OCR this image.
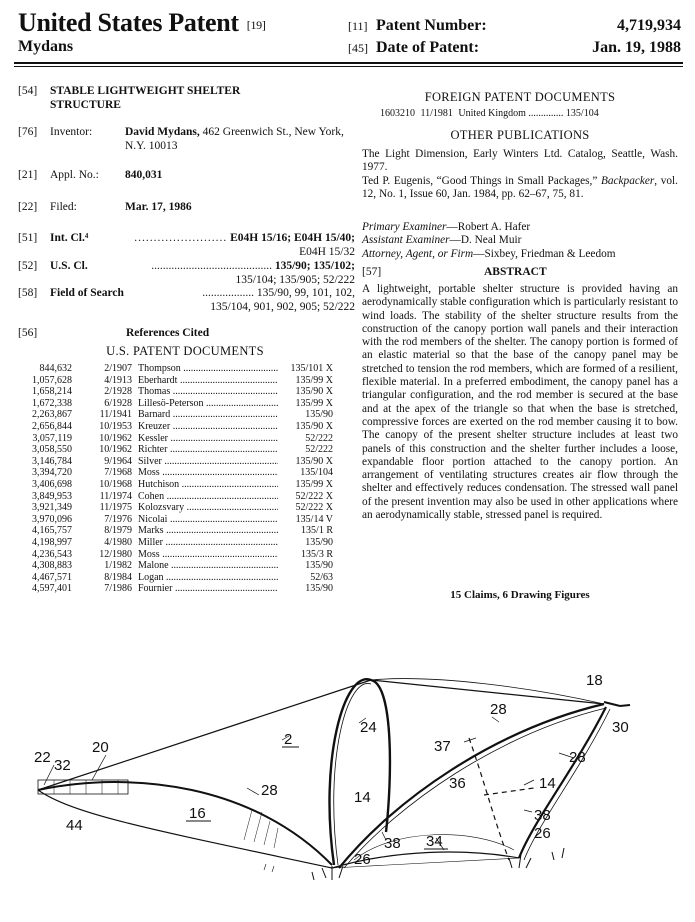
United States Patent [19]
Mydans
[11] Patent Number:	4,719,934
[45] Date of Patent:	Jan. 19, 1988
[54]	STABLE LIGHTWEIGHT SHELTER STRUCTURE
[76]	Inventor:	David Mydans, 462 Greenwich St., New York, N.Y. 10013
[21]	Appl. No.:	840,031
[22]	Filed:	Mar. 17, 1986
[51]	Int. Cl.⁴	........................ E04H 15/16; E04H 15/40;
E04H 15/32
[52]	U.S. Cl.	.......................................... 135/90; 135/102;
135/104; 135/905; 52/222
[58]	Field of Search	.................. 135/90, 99, 101, 102,
135/104, 901, 902, 905; 52/222
[56]	References Cited
U.S. PATENT DOCUMENTS
844,632	2/1907 Thompson .....	135/101 X
1,057,628	4/1913 Eberhardt .....	135/99 X
1,658,214	2/1928 Thomas .....	135/90 X
1,672,338	6/1928 Lillesö-Peterson .....	135/99 X
2,263,867	11/1941 Barnard .....	135/90
2,656,844	10/1953 Kreuzer .....	135/90 X
3,057,119	10/1962 Kessler .....	52/222
3,058,550	10/1962 Richter .....	52/222
3,146,784	9/1964 Silver .....	135/90 X
3,394,720	7/1968 Moss .....	135/104
3,406,698	10/1968 Hutchison .....	135/99 X
3,849,953	11/1974 Cohen .....	52/222 X
3,921,349	11/1975 Kolozsvary .....	52/222 X
3,970,096	7/1976 Nicolai .....	135/14 V
4,165,757	8/1979 Marks .....	135/1 R
4,198,997	4/1980 Miller .....	135/90
4,236,543	12/1980 Moss .....	135/3 R
4,308,883	1/1982 Malone .....	135/90
4,467,571	8/1984 Logan .....	52/63
4,597,401	7/1986 Fournier .....	135/90
FOREIGN PATENT DOCUMENTS
1603210 11/1981 United Kingdom .............. 135/104
OTHER PUBLICATIONS
The Light Dimension, Early Winters Ltd. Catalog, Seattle, Wash. 1977.
Ted P. Eugenis, “Good Things in Small Packages,” Backpacker, vol. 12, No. 1, Issue 60, Jan. 1984, pp. 62–67, 75, 81.
Primary Examiner—Robert A. Hafer
Assistant Examiner—D. Neal Muir
Attorney, Agent, or Firm—Sixbey, Friedman & Leedom
[57]	ABSTRACT
A lightweight, portable shelter structure is provided having an aerodynamically stable configuration which is particularly resistant to wind loads. The stability of the shelter structure results from the construction of the canopy portion wall panels and their interaction with the rod members of the shelter. The canopy portion is formed of an elastic material so that the base of the canopy panel may be stretched to tension the rod members, which are formed of a resilient, flexible material. In a preferred embodiment, the canopy panel has a triangular configuration, and the rod member is secured at the base and at the apex of the triangle so that when the base is stretched, compressive forces are exerted on the rod member causing it to bow. The canopy of the present shelter structure includes at least two panels of this construction and the shelter further includes a loose, expandable floor portion attached to the canopy portion. An arrangement of ventilating structures creates air flow through the shelter and effectively reduces condensation. The stressed wall panel of the present invention may also be used in other applications where an aerodynamically stable, stressed panel is required.
15 Claims, 6 Drawing Figures
22 32
20	2
24
18
30
28
28
28
37
36	14
14
16	38
38 34	26
26
44
